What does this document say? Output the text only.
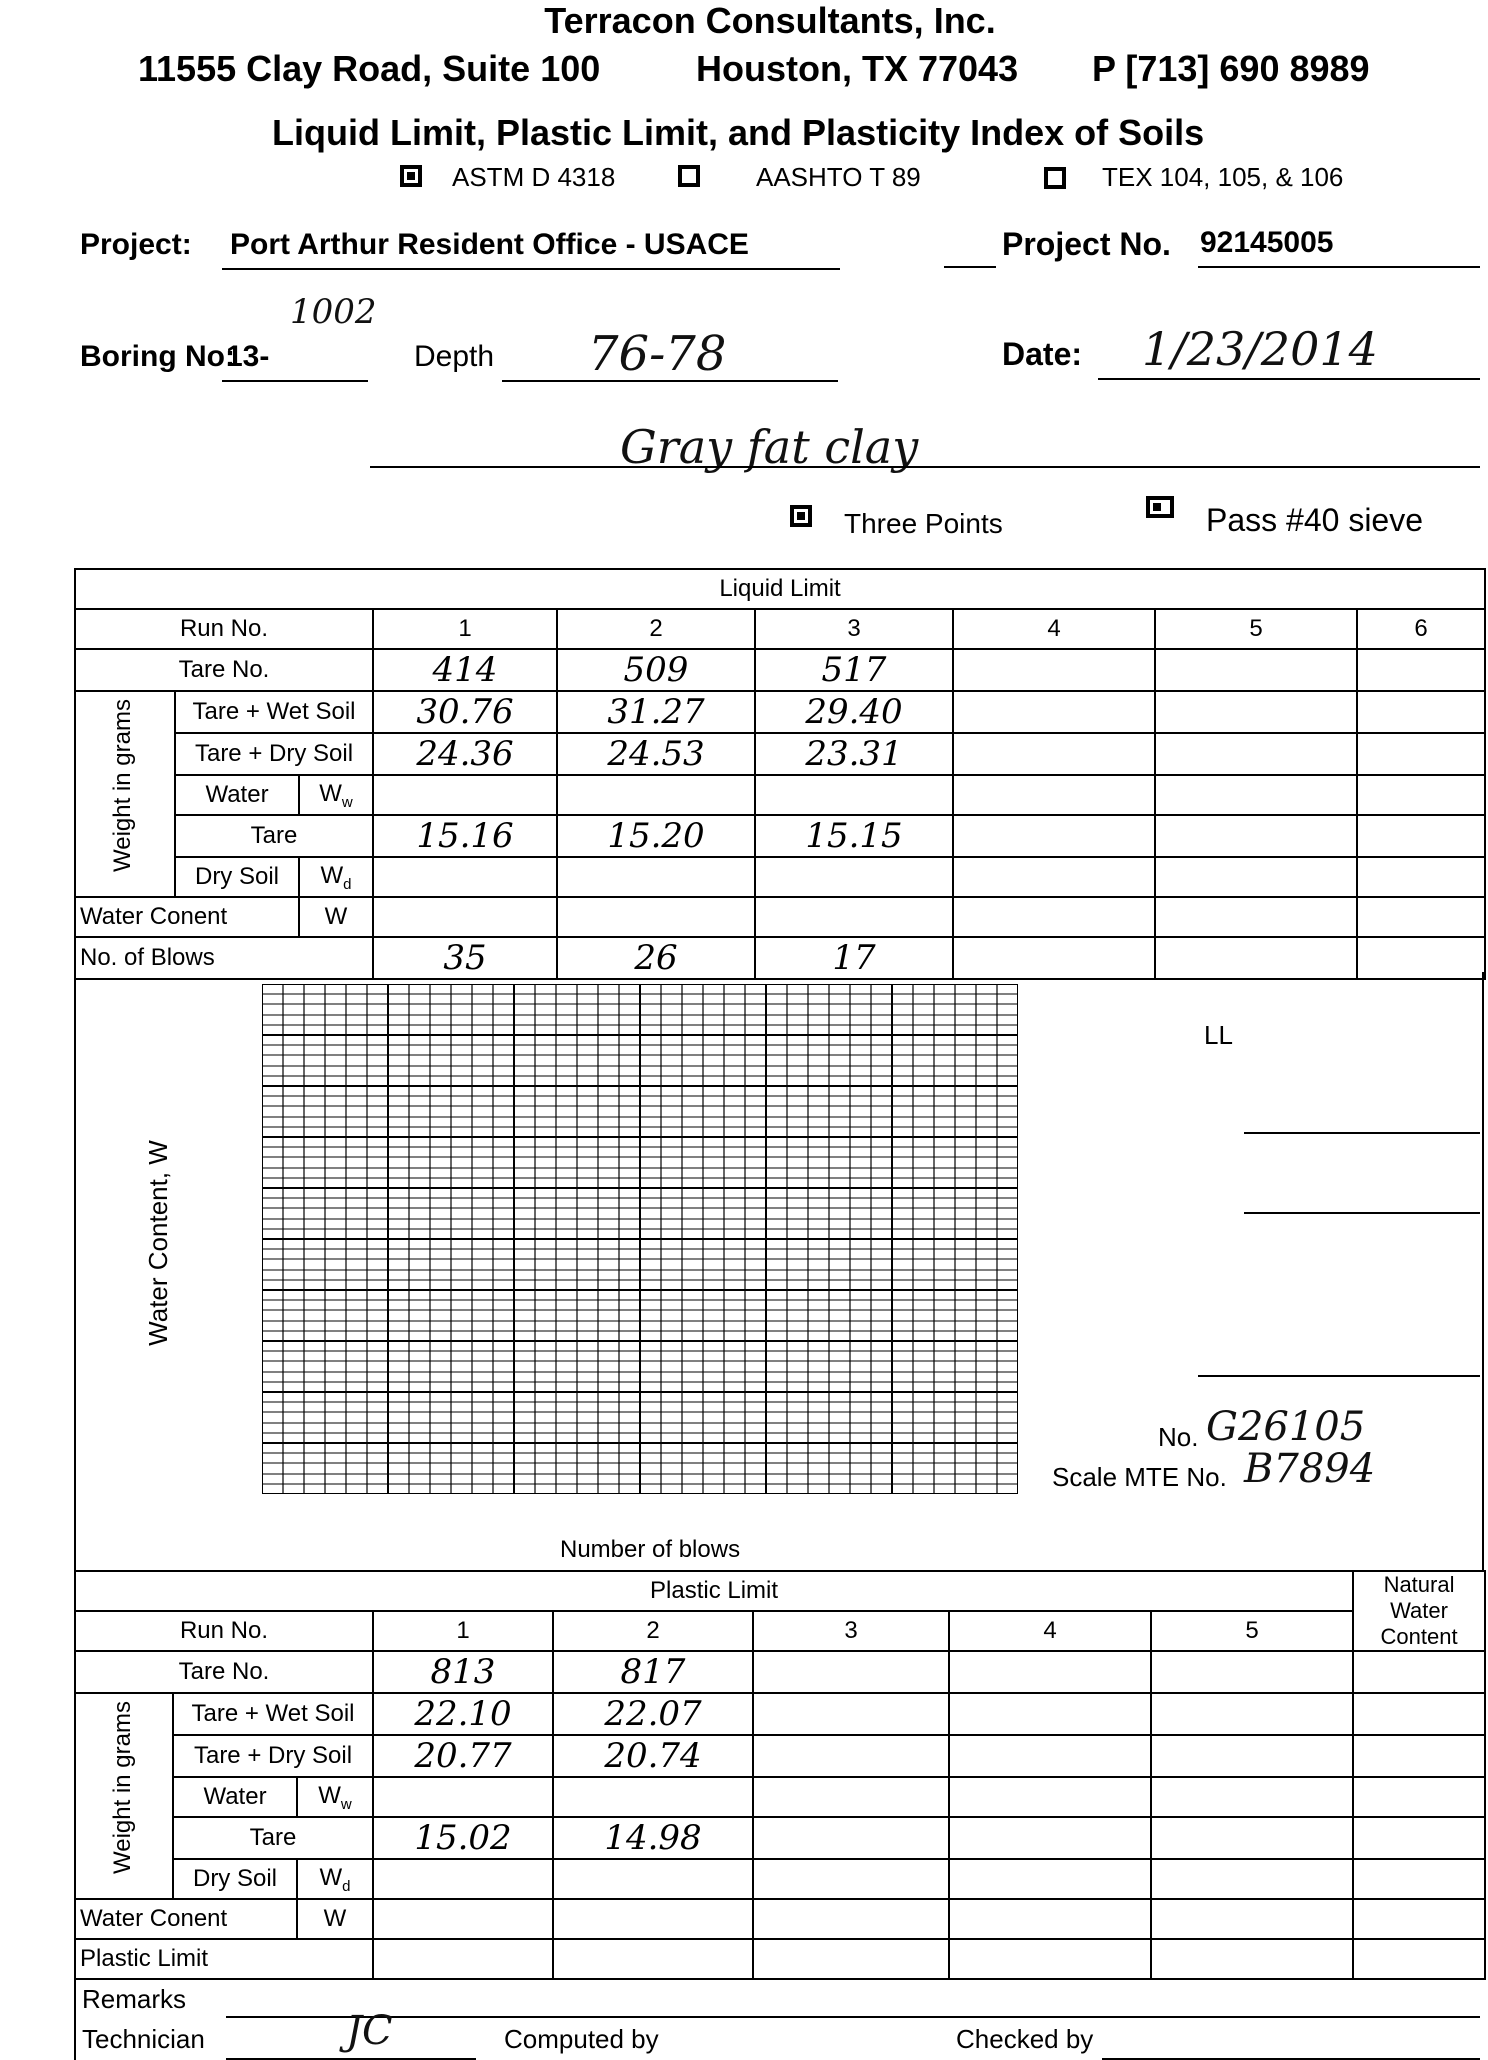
Terracon Consultants, Inc.
11555 Clay Road, Suite 100	Houston, TX 77043 P [713] 690 8989
Liquid Limit, Plastic Limit, and Plasticity Index of Soils
ASTM D 4318	AASHTO T 89	TEX 104, 105, & 106
Project: Port Arthur Resident Office - USACE	Project No. 92145005
1002
Boring No:
13-	Depth 76-78	Date: 1/23/2014
Gray fat clay
Three Points	Pass #40 sieve
Liquid Limit								
Run No.			1	2	3	4	5	6
Tare No.			414	509	517			

Weight in grams	Tare + Wet Soil		30.76	31.27	29.40			
	Tare + Dry Soil		24.36	24.53	23.31			
	Water	$W_w$						
	Tare		15.16	15.20	15.15			
	Dry Soil	$W_d$						
Water Conent		W						
No. of Blows			35	26	17			
Water Content, W
Number of blows
LL
No. G26105
Scale MTE No. B7894
Plastic Limit								Natural Water Content
Run No.			1	2	3	4	5	
Tare No.			813	817				

Weight in grams	Tare + Wet Soil		22.10	22.07				
	Tare + Dry Soil		20.77	20.74				
	Water	$W_w$						
	Tare		15.02	14.98				
	Dry Soil	$W_d$						
Water Conent		W						
Plastic Limit								
Remarks
Technician	JC	Computed by	Checked by
